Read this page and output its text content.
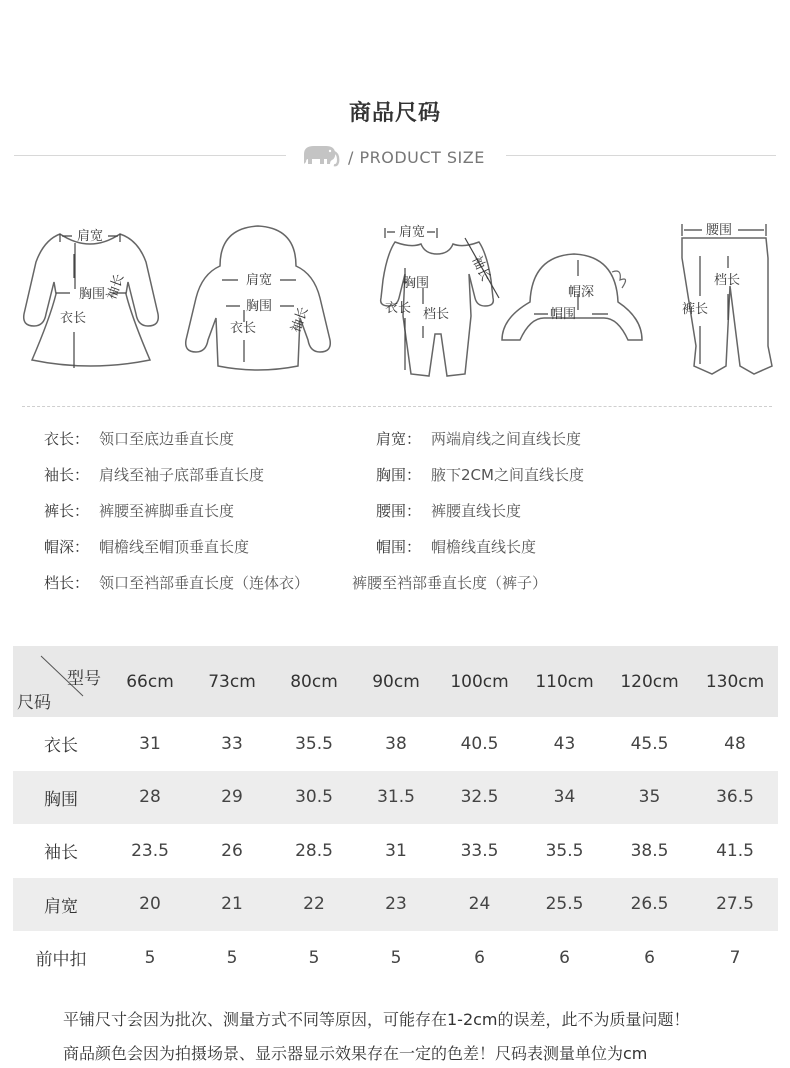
商品尺码
/ PRODUCT SIZE
肩宽
胸围
衣长
袖长	肩宽
胸围
衣长	袖长
肩宽
胸围
衣长 档长
袖长
帽深
帽围
腰围
裤长
档长
衣长： 领口至底边垂直长度	肩宽： 两端肩线之间直线长度
袖长： 肩线至袖子底部垂直长度	胸围： 腋下2CM之间直线长度
裤长： 裤腰至裤脚垂直长度	腰围： 裤腰直线长度
帽深： 帽檐线至帽顶垂直长度	帽围： 帽檐线直线长度
档长： 领口至裆部垂直长度（连体衣）	裤腰至裆部垂直长度（裤子）
型号
尺码	66cm	73cm	80cm	90cm	100cm	110cm	120cm	130cm
衣长	31	33	35.5	38	40.5	43	45.5	48
胸围	28	29	30.5	31.5	32.5	34	35	36.5
袖长	23.5	26	28.5	31	33.5	35.5	38.5	41.5
肩宽	20	21	22	23	24	25.5	26.5	27.5
前中扣	5	5	5	5	6	6	6	7
平铺尺寸会因为批次、测量方式不同等原因，可能存在1-2cm的误差，此不为质量问题！
商品颜色会因为拍摄场景、显示器显示效果存在一定的色差！尺码表测量单位为cm
